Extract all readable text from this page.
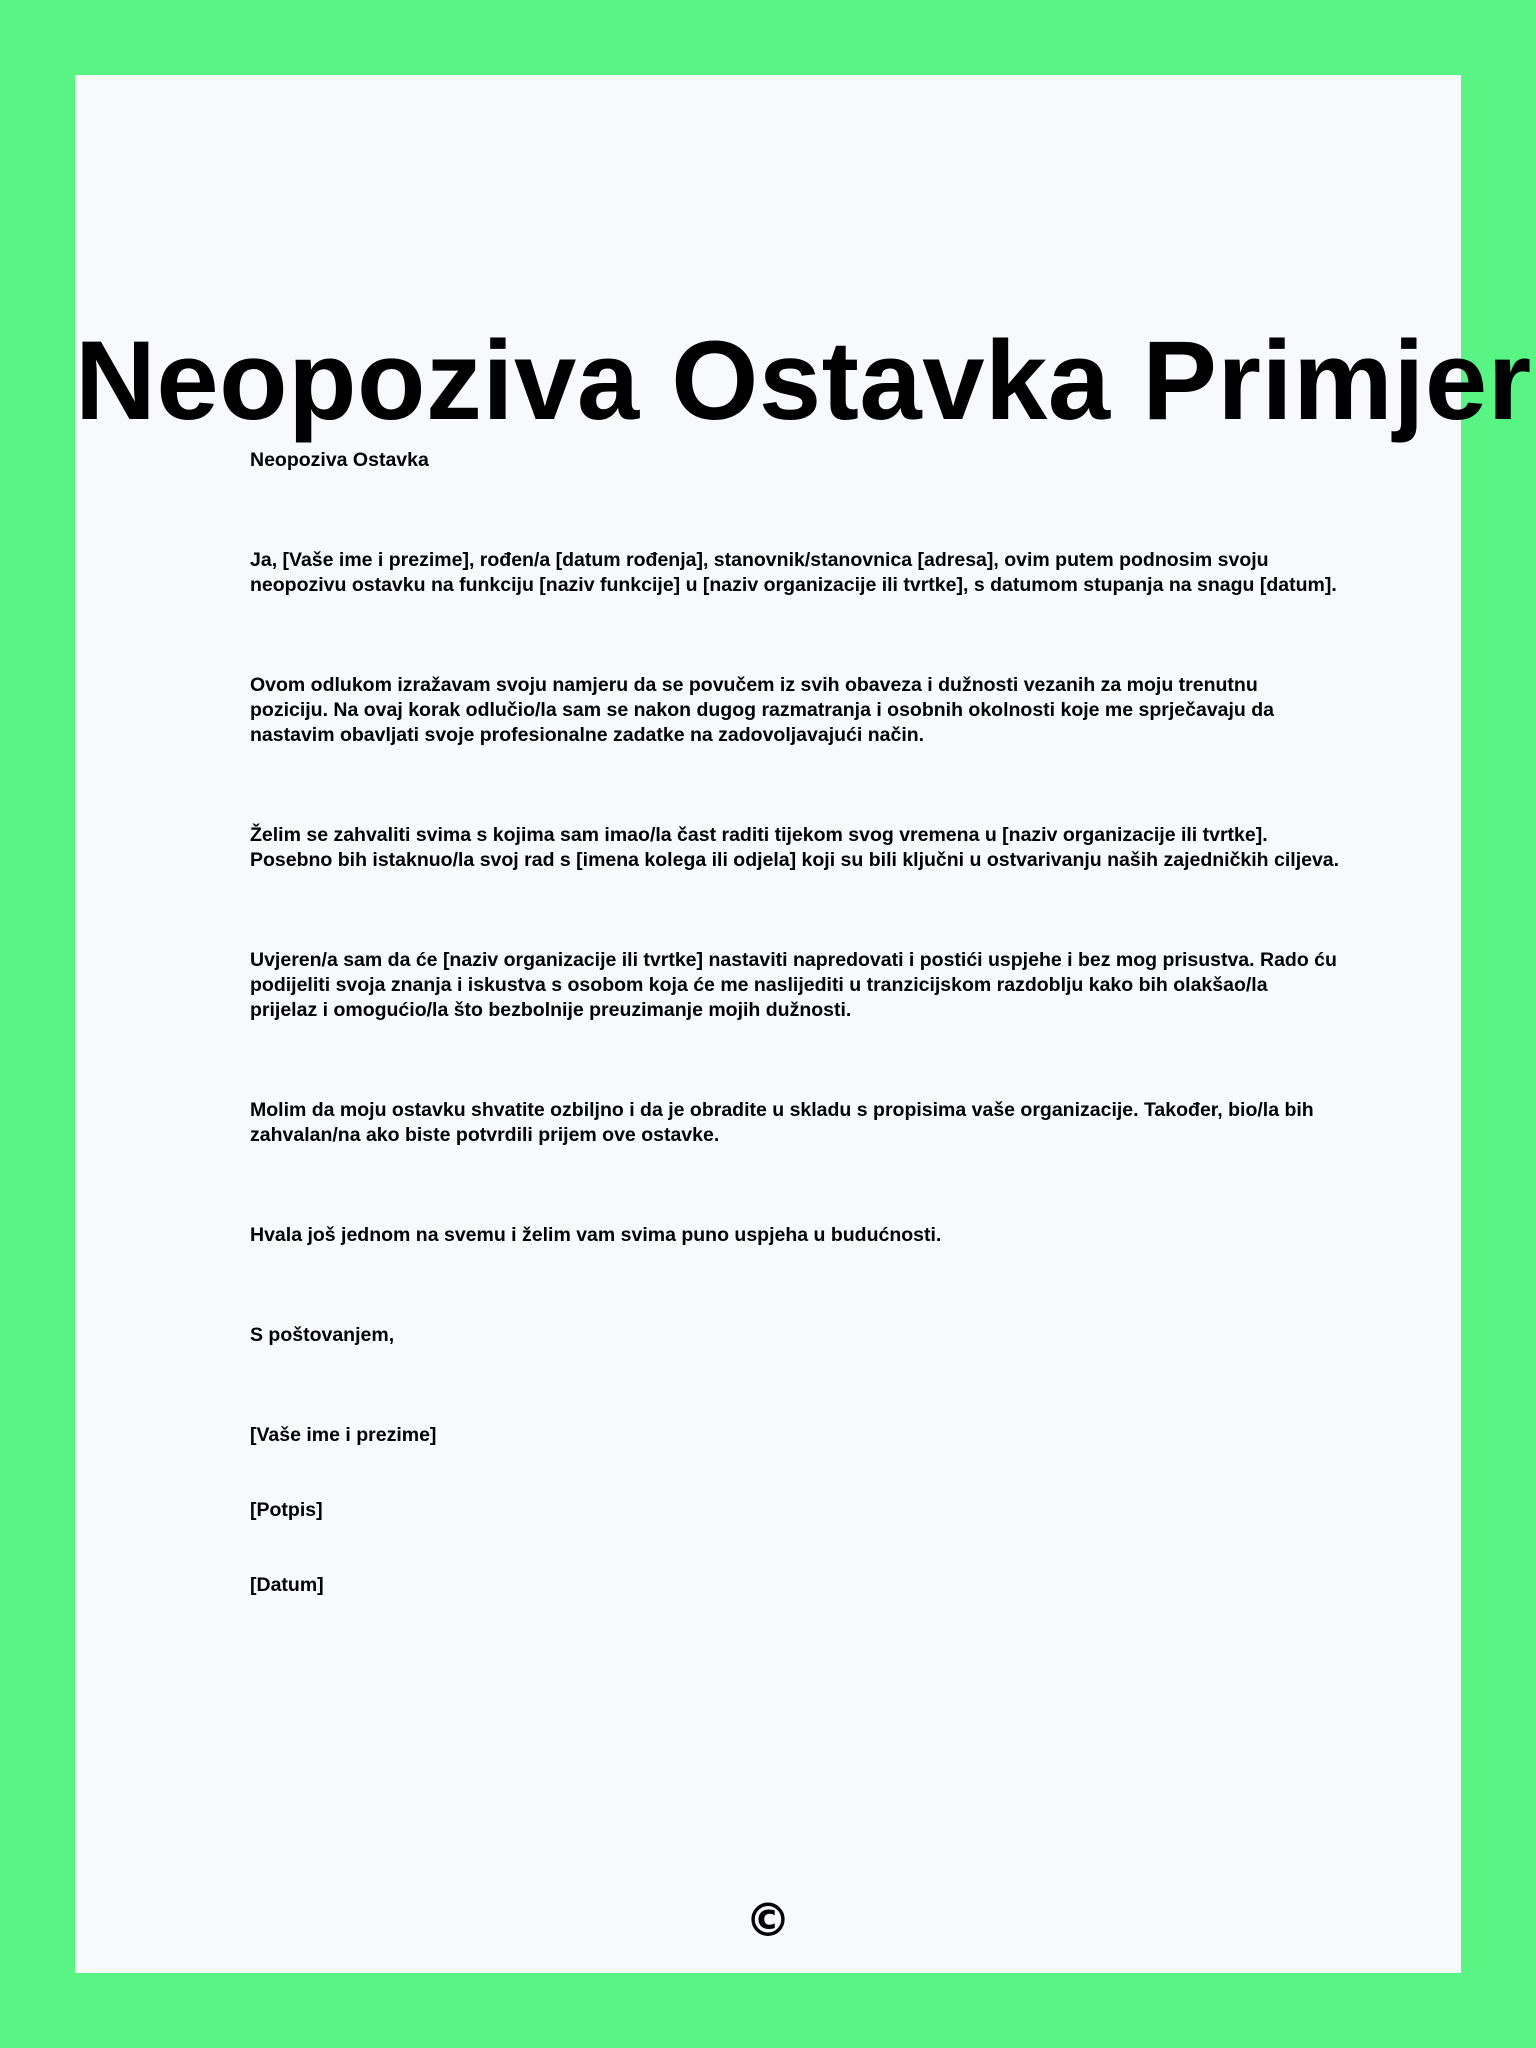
Neopoziva Ostavka Primjer

Neopoziva Ostavka

Ja, [Vaše ime i prezime], rođen/a [datum rođenja], stanovnik/stanovnica [adresa], ovim putem podnosim svoju neopozivu ostavku na funkciju [naziv funkcije] u [naziv organizacije ili tvrtke], s datumom stupanja na snagu [datum].

Ovom odlukom izražavam svoju namjeru da se povučem iz svih obaveza i dužnosti vezanih za moju trenutnu poziciju. Na ovaj korak odlučio/la sam se nakon dugog razmatranja i osobnih okolnosti koje me sprječavaju da nastavim obavljati svoje profesionalne zadatke na zadovoljavajući način.

Želim se zahvaliti svima s kojima sam imao/la čast raditi tijekom svog vremena u [naziv organizacije ili tvrtke]. Posebno bih istaknuo/la svoj rad s [imena kolega ili odjela] koji su bili ključni u ostvarivanju naših zajedničkih ciljeva.

Uvjeren/a sam da će [naziv organizacije ili tvrtke] nastaviti napredovati i postići uspjehe i bez mog prisustva. Rado ću podijeliti svoja znanja i iskustva s osobom koja će me naslijediti u tranzicijskom razdoblju kako bih olakšao/la prijelaz i omogućio/la što bezbolnije preuzimanje mojih dužnosti.

Molim da moju ostavku shvatite ozbiljno i da je obradite u skladu s propisima vaše organizacije. Također, bio/la bih zahvalan/na ako biste potvrdili prijem ove ostavke.

Hvala još jednom na svemu i želim vam svima puno uspjeha u budućnosti.

S poštovanjem,

[Vaše ime i prezime]

[Potpis]

[Datum]

©
